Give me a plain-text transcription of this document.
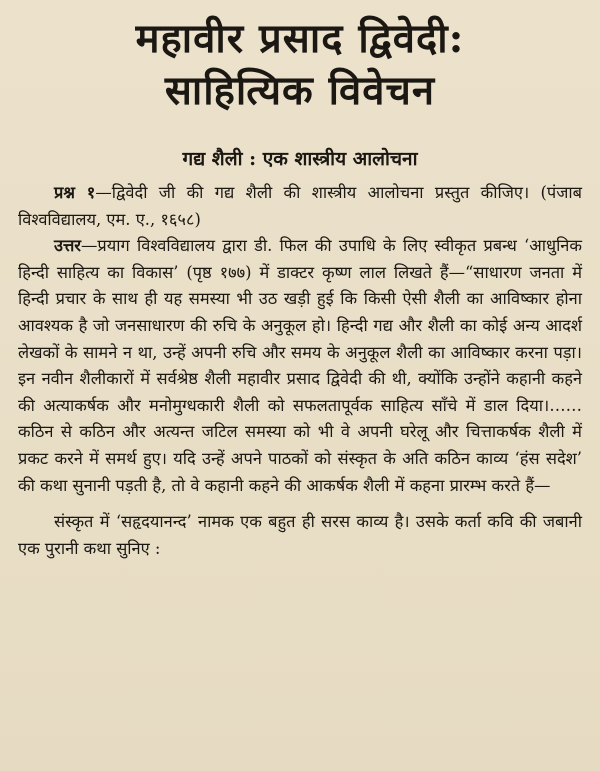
महावीर प्रसाद द्विवेदी:
साहित्यिक विवेचन
गद्य शैली : एक शास्त्रीय आलोचना

प्रश्न १—द्विवेदी जी की गद्य शैली की शास्त्रीय आलोचना प्रस्तुत कीजिए। (पंजाब विश्वविद्यालय, एम. ए., १६५८)

उत्तर—प्रयाग विश्वविद्यालय द्वारा डी. फिल की उपाधि के लिए स्वीकृत प्रबन्ध ‘आधुनिक हिन्दी साहित्य का विकास’ (पृष्ठ १७७) में डाक्टर कृष्ण लाल लिखते हैं—“साधारण जनता में हिन्दी प्रचार के साथ ही यह समस्या भी उठ खड़ी हुई कि किसी ऐसी शैली का आविष्कार होना आवश्यक है जो जनसाधारण की रुचि के अनुकूल हो। हिन्दी गद्य और शैली का कोई अन्य आदर्श लेखकों के सामने न था, उन्हें अपनी रुचि और समय के अनुकूल शैली का आविष्कार करना पड़ा। इन नवीन शैलीकारों में सर्वश्रेष्ठ शैली महावीर प्रसाद द्विवेदी की थी, क्योंकि उन्होंने कहानी कहने की अत्याकर्षक और मनोमुग्धकारी शैली को सफलतापूर्वक साहित्य साँचे में डाल दिया।……कठिन से कठिन और अत्यन्त जटिल समस्या को भी वे अपनी घरेलू और चित्ताकर्षक शैली में प्रकट करने में समर्थ हुए। यदि उन्हें अपने पाठकों को संस्कृत के अति कठिन काव्य ‘हंस सदेश’ की कथा सुनानी पड़ती है, तो वे कहानी कहने की आकर्षक शैली में कहना प्रारम्भ करते हैं—

संस्कृत में ‘सहृदयानन्द’ नामक एक बहुत ही सरस काव्य है। उसके कर्ता कवि की जबानी एक पुरानी कथा सुनिए :
